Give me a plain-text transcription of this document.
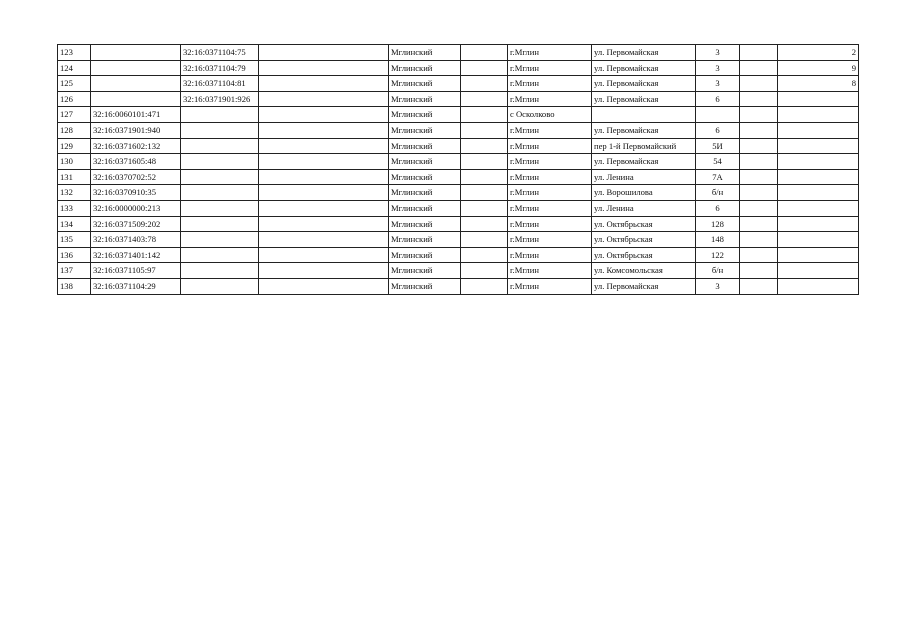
123		32:16:0371104:75		Мглинский		г.Мглин	ул. Первомайская	3		2
124		32:16:0371104:79		Мглинский		г.Мглин	ул. Первомайская	3		9
125		32:16:0371104:81		Мглинский		г.Мглин	ул. Первомайская	3		8
126		32:16:0371901:926		Мглинский		г.Мглин	ул. Первомайская	6		
127	32:16:0060101:471			Мглинский		с Осколково				
128	32:16:0371901:940			Мглинский		г.Мглин	ул. Первомайская	6		
129	32:16:0371602:132			Мглинский		г.Мглин	пер 1-й Первомайский	5И		
130	32:16:0371605:48			Мглинский		г.Мглин	ул. Первомайская	54		
131	32:16:0370702:52			Мглинский		г.Мглин	ул. Ленина	7А		
132	32:16:0370910:35			Мглинский		г.Мглин	ул. Ворошилова	б/н		
133	32:16:0000000:213			Мглинский		г.Мглин	ул. Ленина	6		
134	32:16:0371509:202			Мглинский		г.Мглин	ул. Октябрьская	128		
135	32:16:0371403:78			Мглинский		г.Мглин	ул. Октябрьская	148		
136	32:16:0371401:142			Мглинский		г.Мглин	ул. Октябрьская	122		
137	32:16:0371105:97			Мглинский		г.Мглин	ул. Комсомольская	б/н		
138	32:16:0371104:29			Мглинский		г.Мглин	ул. Первомайская	3		
